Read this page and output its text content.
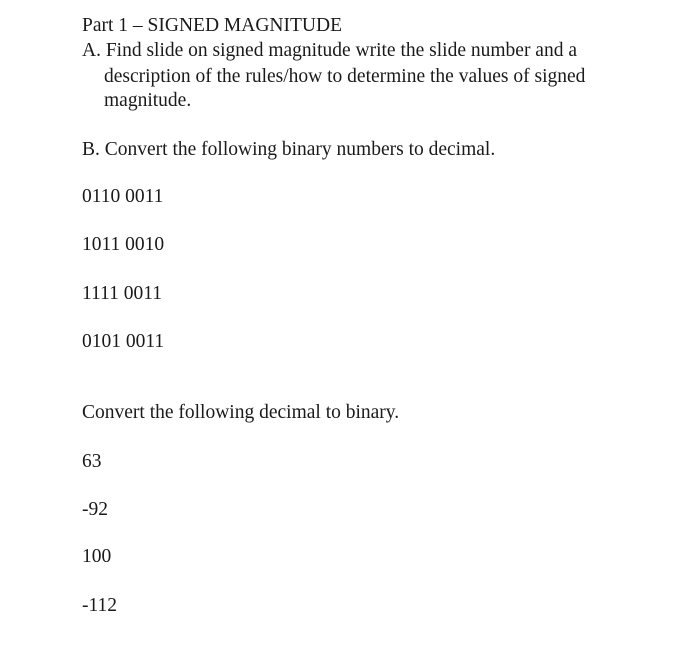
Part 1 – SIGNED MAGNITUDE
A. Find slide on signed magnitude write the slide number and a
description of the rules/how to determine the values of signed
magnitude.
B. Convert the following binary numbers to decimal.
0110 0011
1011 0010
1111 0011
0101 0011
Convert the following decimal to binary.
63
-92
100
-112
